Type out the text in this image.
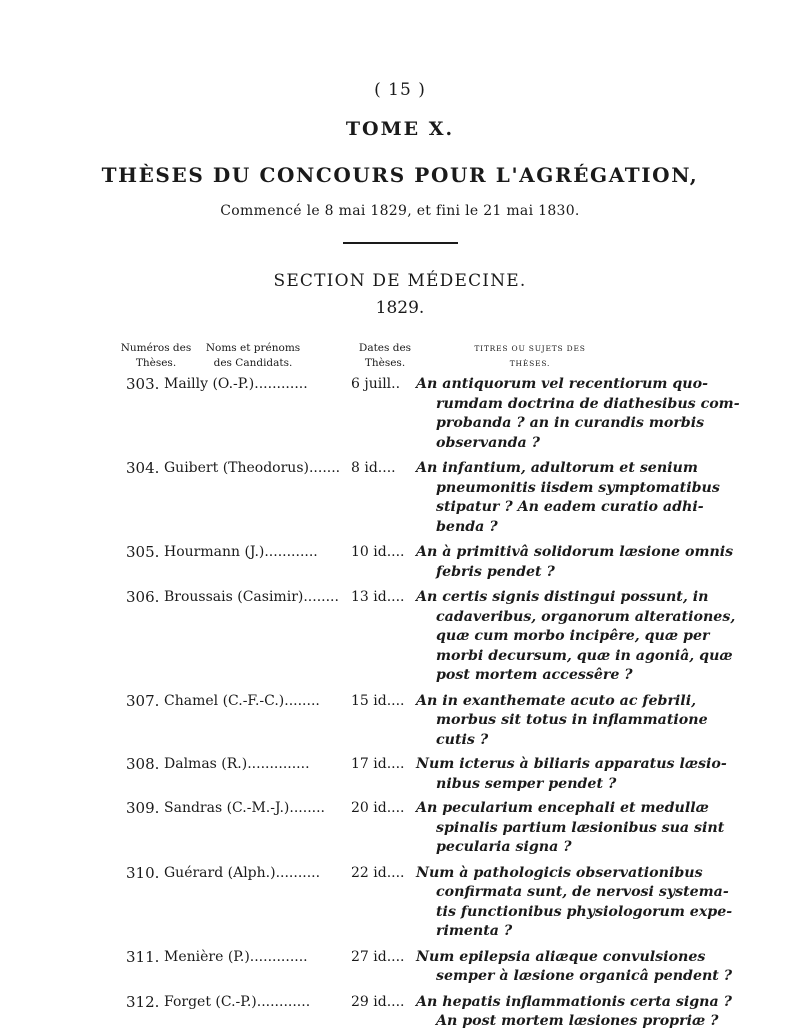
( 15 )
TOME X.
THÈSES DU CONCOURS POUR L'AGRÉGATION,
Commencé le 8 mai 1829, et fini le 21 mai 1830.
SECTION DE MÉDECINE.
1829.
Numéros des Thèses.
Noms et prénoms des Candidats.
Dates des Thèses.
TITRES OU SUJETS DES THÈSES.
303. Mailly (O.-P.)............	6 juill..	An antiquorum vel recentiorum quo-
rumdam doctrina de diathesibus com-
probanda ? an in curandis morbis
observanda ?
304. Guibert (Theodorus)....... 8 id....	An infantium, adultorum et senium
pneumonitis iisdem symptomatibus
stipatur ? An eadem curatio adhi-
benda ?
305. Hourmann (J.)............	10 id.... An à primitivâ solidorum læsione omnis
febris pendet ?
306. Broussais (Casimir)........ 13 id.... An certis signis distingui possunt, in
cadaveribus, organorum alterationes,
quæ cum morbo incipêre, quæ per
morbi decursum, quæ in agoniâ, quæ
post mortem accessêre ?
307. Chamel (C.-F.-C.)........	15 id.... An in exanthemate acuto ac febrili,
morbus sit totus in inflammatione
cutis ?
308. Dalmas (R.)..............	17 id.... Num icterus à biliaris apparatus læsio-
nibus semper pendet ?
309. Sandras (C.-M.-J.)........	20 id.... An pecularium encephali et medullæ
spinalis partium læsionibus sua sint
pecularia signa ?
310. Guérard (Alph.)..........	22 id.... Num à pathologicis observationibus
confirmata sunt, de nervosi systema-
tis functionibus physiologorum expe-
rimenta ?
311. Menière (P.).............	27 id.... Num epilepsia aliæque convulsiones
semper à læsione organicâ pendent ?
312. Forget (C.-P.)............	29 id.... An hepatis inflammationis certa signa ?
An post mortem læsiones propriæ ?
